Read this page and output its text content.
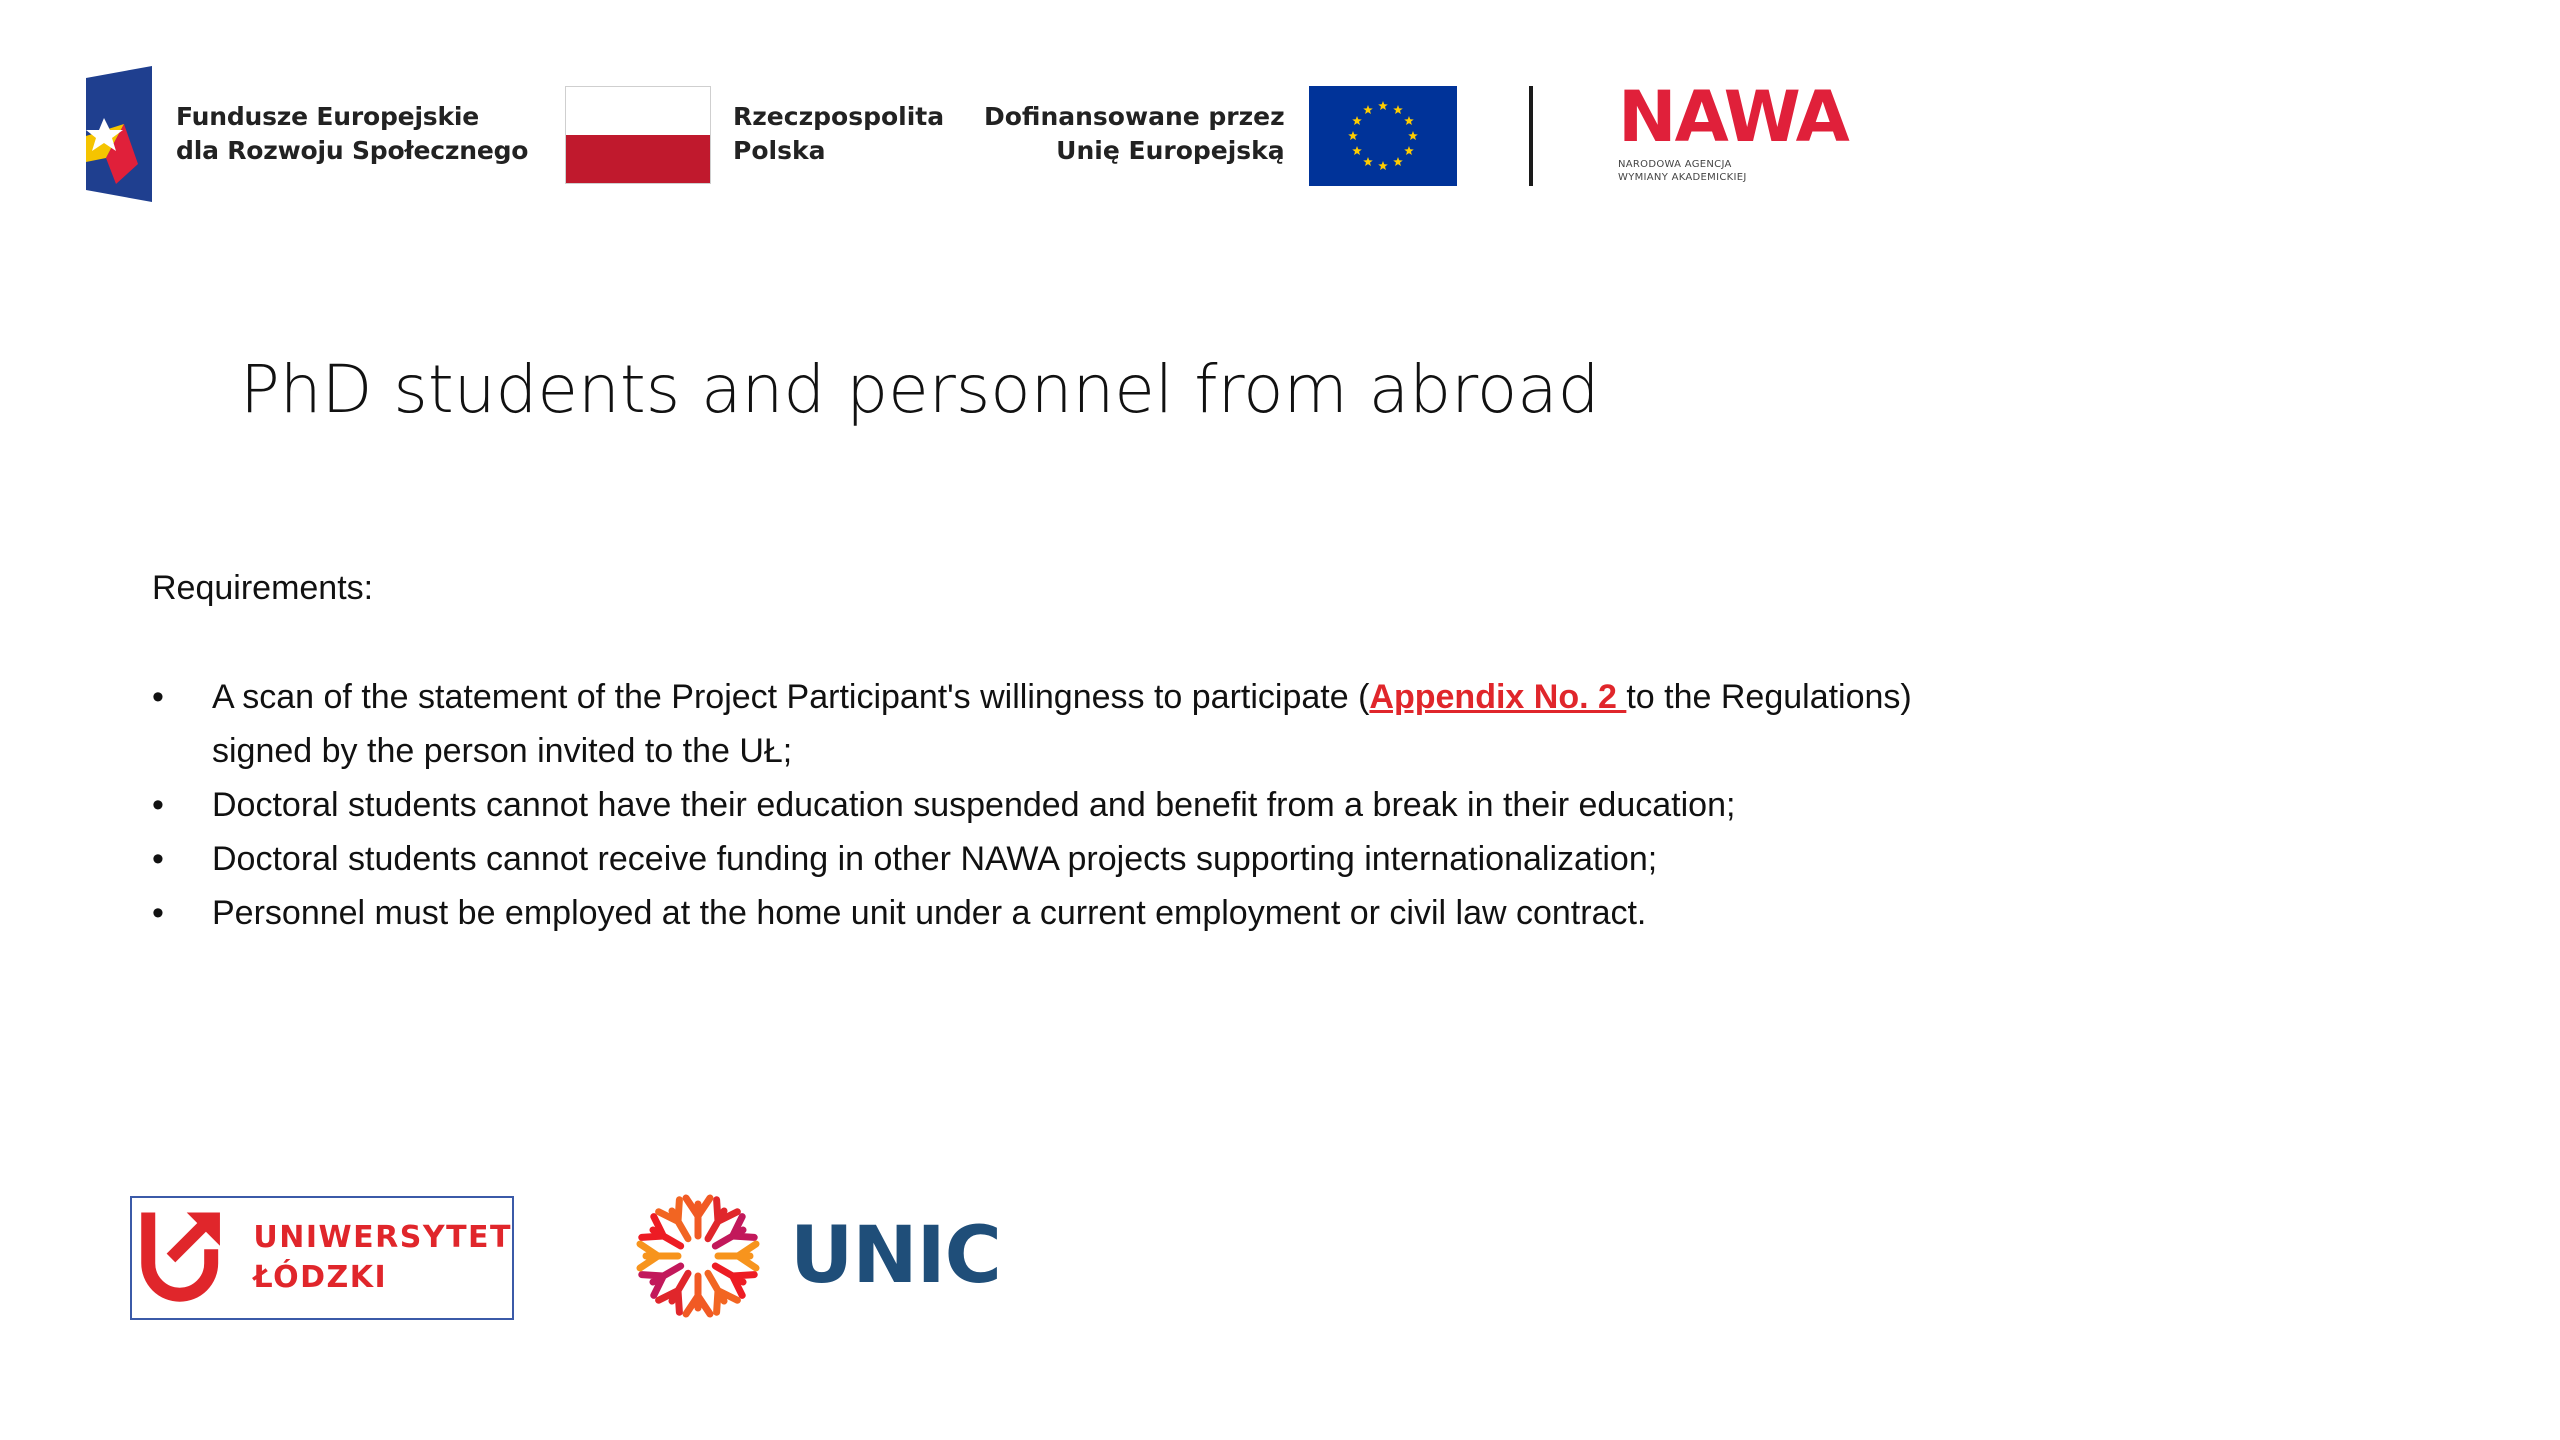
Fundusze Europejskie
dla Rozwoju Społecznego
Rzeczpospolita
Polska
Dofinansowane przez
Unię Europejską	NAWA
NARODOWA AGENCJA
WYMIANY AKADEMICKIEJ
PhD students and personnel from abroad
Requirements:
•	A scan of the statement of the Project Participant's willingness to participate (Appendix No. 2 to the Regulations)
signed by the person invited to the UŁ;
•	Doctoral students cannot have their education suspended and benefit from a break in their education;
•	Doctoral students cannot receive funding in other NAWA projects supporting internationalization;
•	Personnel must be employed at the home unit under a current employment or civil law contract.
UNIWERSYTET
ŁÓDZKI	UNIC
